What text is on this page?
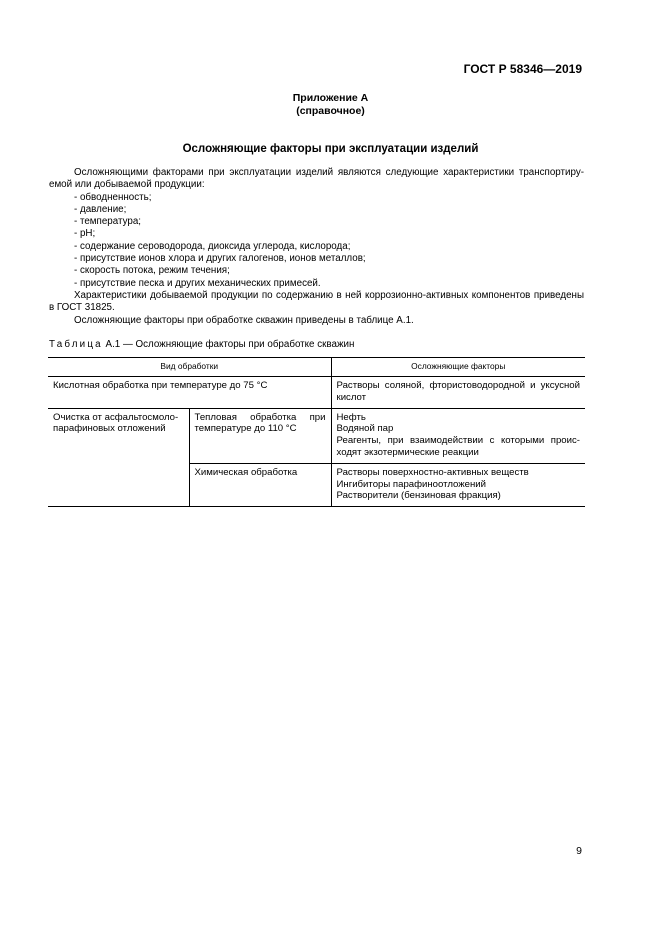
ГОСТ Р 58346—2019
Приложение А
(справочное)
Осложняющие факторы при эксплуатации изделий

Осложняющими факторами при эксплуатации изделий являются следующие характеристики транспортируемой или добываемой продукции:

- обводненность;
- давление;
- температура;
- pH;
- содержание сероводорода, диоксида углерода, кислорода;
- присутствие ионов хлора и других галогенов, ионов металлов;
- скорость потока, режим течения;
- присутствие песка и других механических примесей.

Характеристики добываемой продукции по содержанию в ней коррозионно-активных компонентов приведены в ГОСТ 31825.

Осложняющие факторы при обработке скважин приведены в таблице А.1.

Таблица А.1 — Осложняющие факторы при обработке скважин
Вид обработки		Осложняющие факторы
Кислотная обработка при температуре до 75 °С		Растворы соляной, фтористоводородной и уксусной кислот
Очистка от асфальтосмолопарафиновых отложений	Тепловая обработка при температуре до 110 °С	Нефть
Водяной пар
Реагенты, при взаимодействии с которыми происходят экзотермические реакции

	Химическая обработка	Растворы поверхностно-активных веществ
Ингибиторы парафиноотложений
Растворители (бензиновая фракция)
9
